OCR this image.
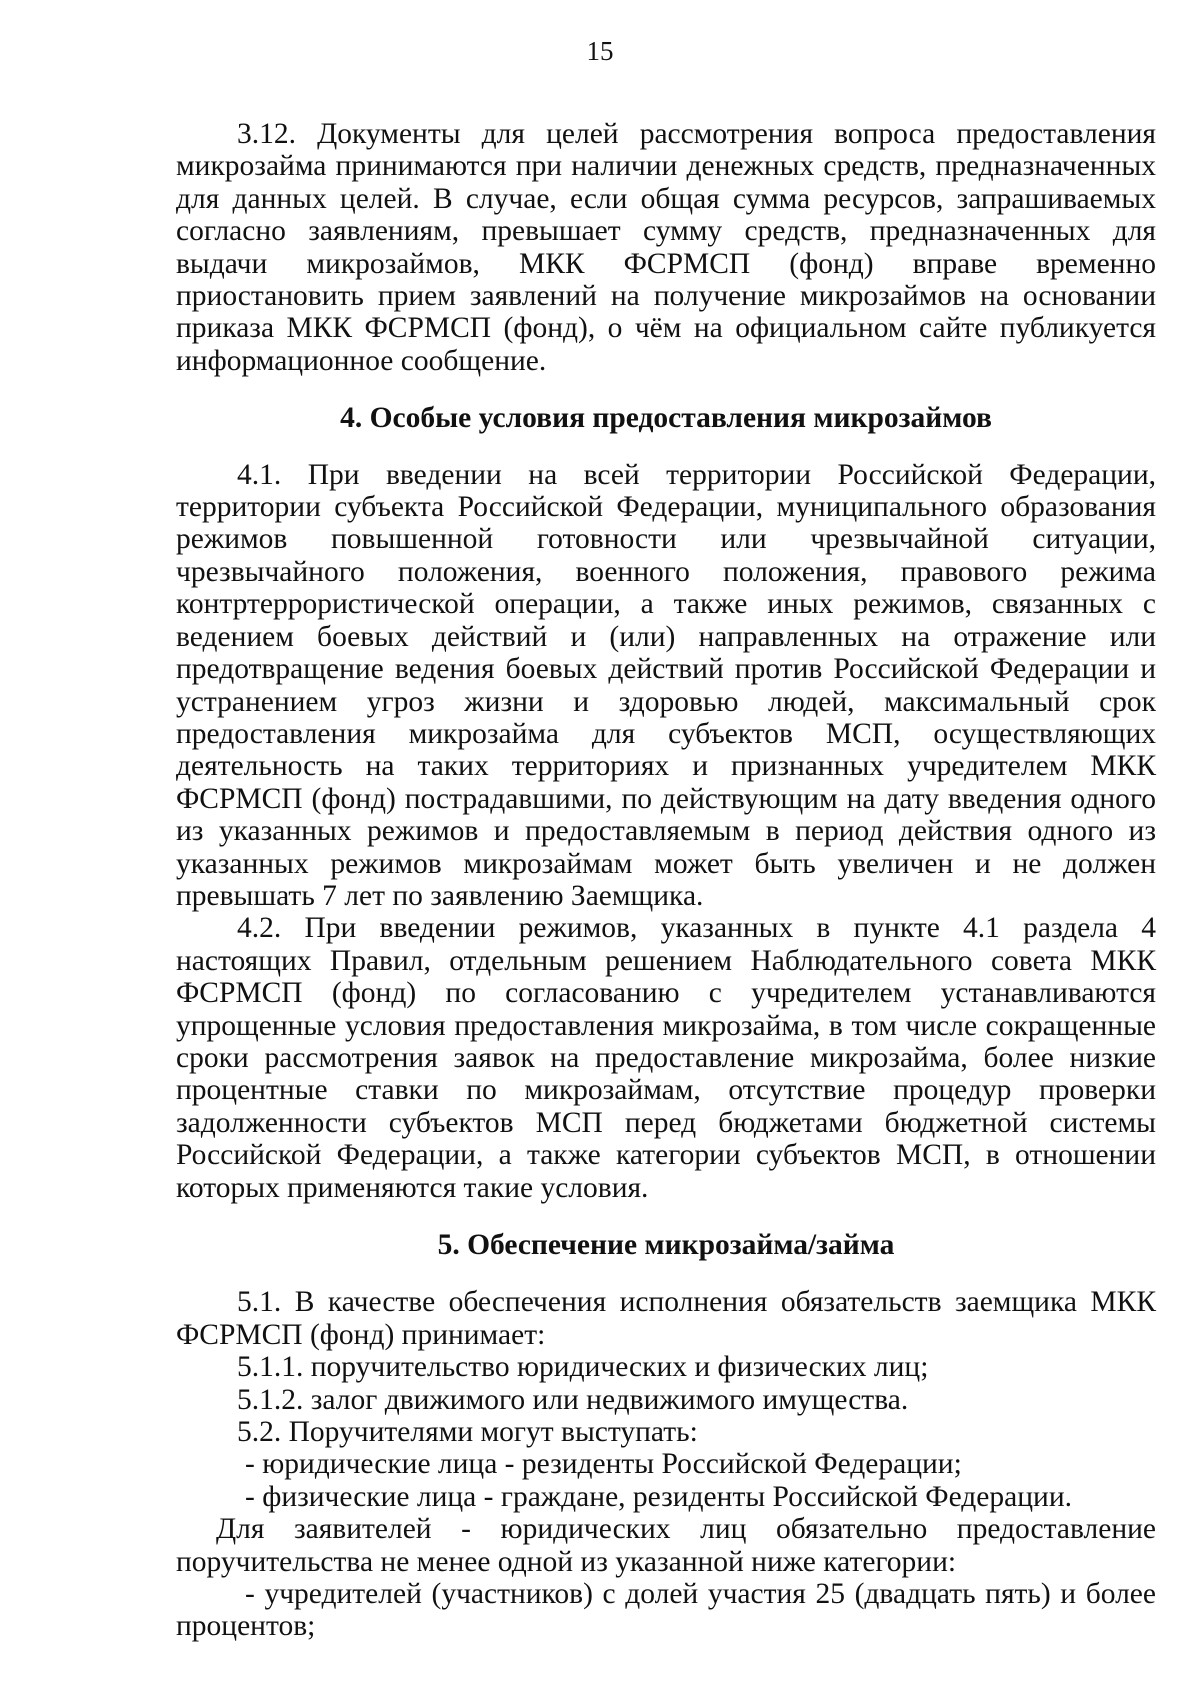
15

3.12. Документы для целей рассмотрения вопроса предоставления микрозайма принимаются при наличии денежных средств, предназначенных для данных целей. В случае, если общая сумма ресурсов, запрашиваемых согласно заявлениям, превышает сумму средств, предназначенных для выдачи микрозаймов, МКК ФСРМСП (фонд) вправе временно приостановить прием заявлений на получение микрозаймов на основании приказа МКК ФСРМСП (фонд), о чём на официальном сайте публикуется информационное сообщение.

4. Особые условия предоставления микрозаймов

4.1. При введении на всей территории Российской Федерации, территории субъекта Российской Федерации, муниципального образования режимов повышенной готовности или чрезвычайной ситуации, чрезвычайного положения, военного положения, правового режима контртеррористической операции, а также иных режимов, связанных с ведением боевых действий и (или) направленных на отражение или предотвращение ведения боевых действий против Российской Федерации и устранением угроз жизни и здоровью людей, максимальный срок предоставления микрозайма для субъектов МСП, осуществляющих деятельность на таких территориях и признанных учредителем МКК ФСРМСП (фонд) пострадавшими, по действующим на дату введения одного из указанных режимов и предоставляемым в период действия одного из указанных режимов микрозаймам может быть увеличен и не должен превышать 7 лет по заявлению Заемщика.

4.2. При введении режимов, указанных в пункте 4.1 раздела 4 настоящих Правил, отдельным решением Наблюдательного совета МКК ФСРМСП (фонд) по согласованию с учредителем устанавливаются упрощенные условия предоставления микрозайма, в том числе сокращенные сроки рассмотрения заявок на предоставление микрозайма, более низкие процентные ставки по микрозаймам, отсутствие процедур проверки задолженности субъектов МСП перед бюджетами бюджетной системы Российской Федерации, а также категории субъектов МСП, в отношении которых применяются такие условия.

5. Обеспечение микрозайма/займа

5.1. В качестве обеспечения исполнения обязательств заемщика МКК ФСРМСП (фонд) принимает:

5.1.1. поручительство юридических и физических лиц;

5.1.2. залог движимого или недвижимого имущества.

5.2. Поручителями могут выступать:

- юридические лица - резиденты Российской Федерации;

- физические лица - граждане, резиденты Российской Федерации.

Для заявителей - юридических лиц обязательно предоставление поручительства не менее одной из указанной ниже категории:

- учредителей (участников) с долей участия 25 (двадцать пять) и более процентов;
